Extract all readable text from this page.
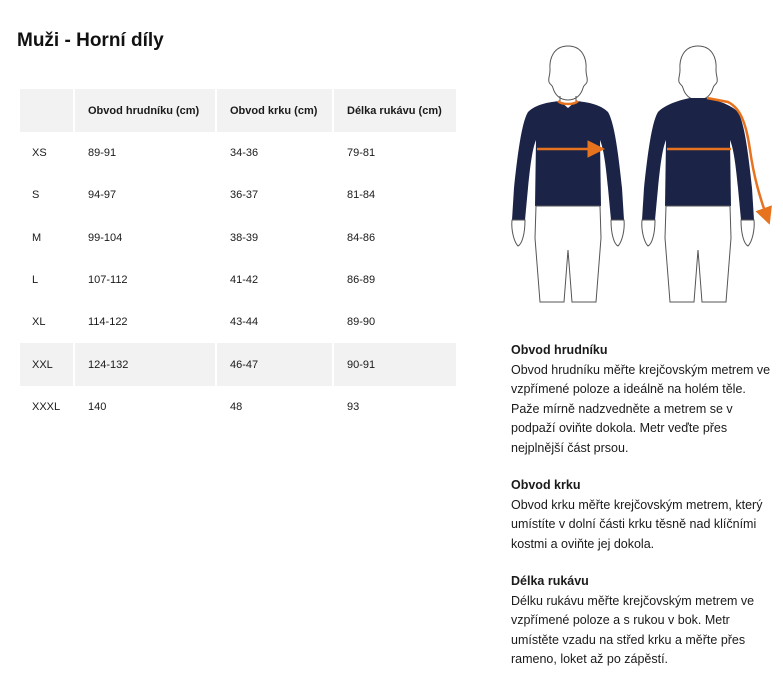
Muži - Horní díly
	Obvod hrudníku (cm)	Obvod krku (cm)	Délka rukávu (cm)
XS	89-91	34-36	79-81
S	94-97	36-37	81-84
M	99-104	38-39	84-86
L	107-112	41-42	86-89
XL	114-122	43-44	89-90
XXL	124-132	46-47	90-91
XXXL	140	48	93
Obvod hrudníku

Obvod hrudníku měřte krejčovským metrem ve vzpřímené poloze a ideálně na holém těle. Paže mírně nadzvedněte a metrem se v podpaží oviňte dokola. Metr veďte přes nejplnější část prsou.

Obvod krku

Obvod krku měřte krejčovským metrem, který umístíte v dolní části krku těsně nad klíčními kostmi a oviňte jej dokola.

Délka rukávu

Délku rukávu měřte krejčovským metrem ve vzpřímené poloze a s rukou v bok. Metr umístěte vzadu na střed krku a měřte přes rameno, loket až po zápěstí.
